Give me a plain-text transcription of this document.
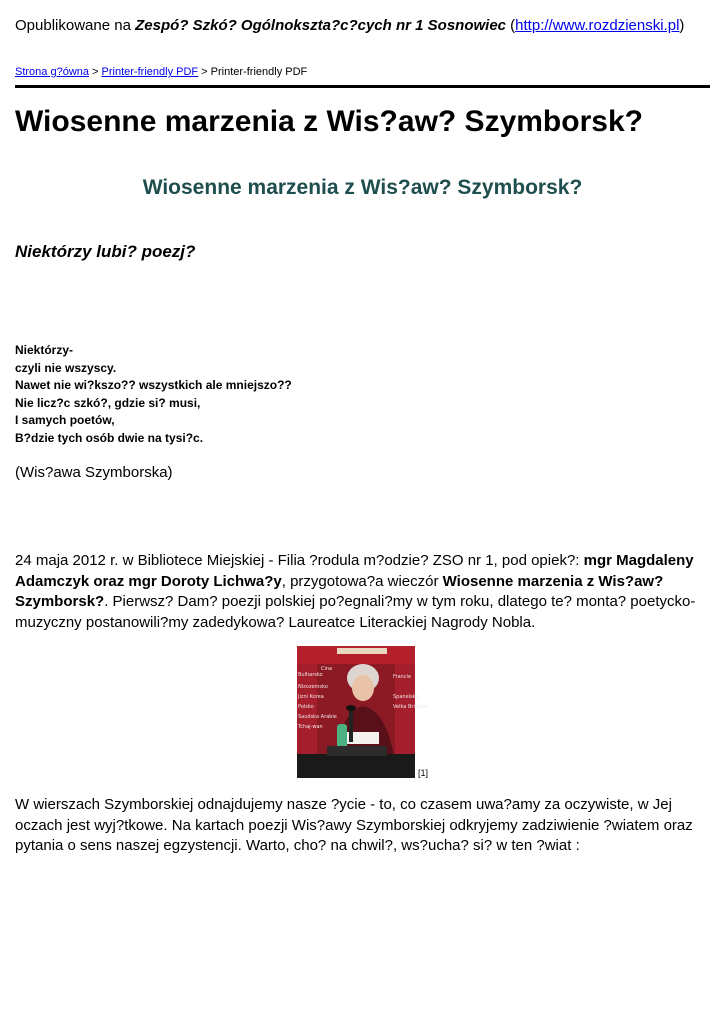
Opublikowane na Zespó? Szkó? Ogólnoksztа?c?cych nr 1 Sosnowiec (http://www.rozdzienski.pl)
Strona g?ówna > Printer-friendly PDF > Printer-friendly PDF
Wiosenne marzenia z Wis?aw? Szymborsk?
Wiosenne marzenia z Wis?aw? Szymborsk?
Niektórzy lubi? poezj?
Niektórzy-
czyli nie wszyscy.
Nawet nie wi?kszo?? wszystkich ale mniejszo??
Nie licz?c szkó?, gdzie si? musi,
I samych poetów,
B?dzie tych osób dwie na tysi?c.
(Wis?awa Szymborska)
24 maja 2012 r. w Bibliotece Miejskiej - Filia ?rodula m?odzie? ZSO nr 1, pod opiek?: mgr Magdaleny Adamczyk oraz mgr Doroty Lichwa?y, przygotowa?a wieczór Wiosenne marzenia z Wis?aw? Szymborsk?. Pierwsz? Dam? poezji polskiej po?egnali?my w tym roku, dlatego te? monta? poetycko-muzyczny postanowili?my zadedykowa? Laureatce Literackiej Nagrody Nobla.
Bulharsko
Cina
Francie
Nizozemsko
Jizni Korea
Polsko
Spanelsko
Saudska Arabie
Velka Britanie
Tchaj-wan
[1]
W wierszach Szymborskiej odnajdujemy nasze ?ycie - to, co czasem uwa?amy za oczywiste, w Jej oczach jest wyj?tkowe. Na kartach poezji Wis?awy Szymborskiej odkryjemy zadziwienie ?wiatem oraz pytania o sens naszej egzystencji. Warto, cho? na chwil?, ws?ucha? si? w ten ?wiat :
